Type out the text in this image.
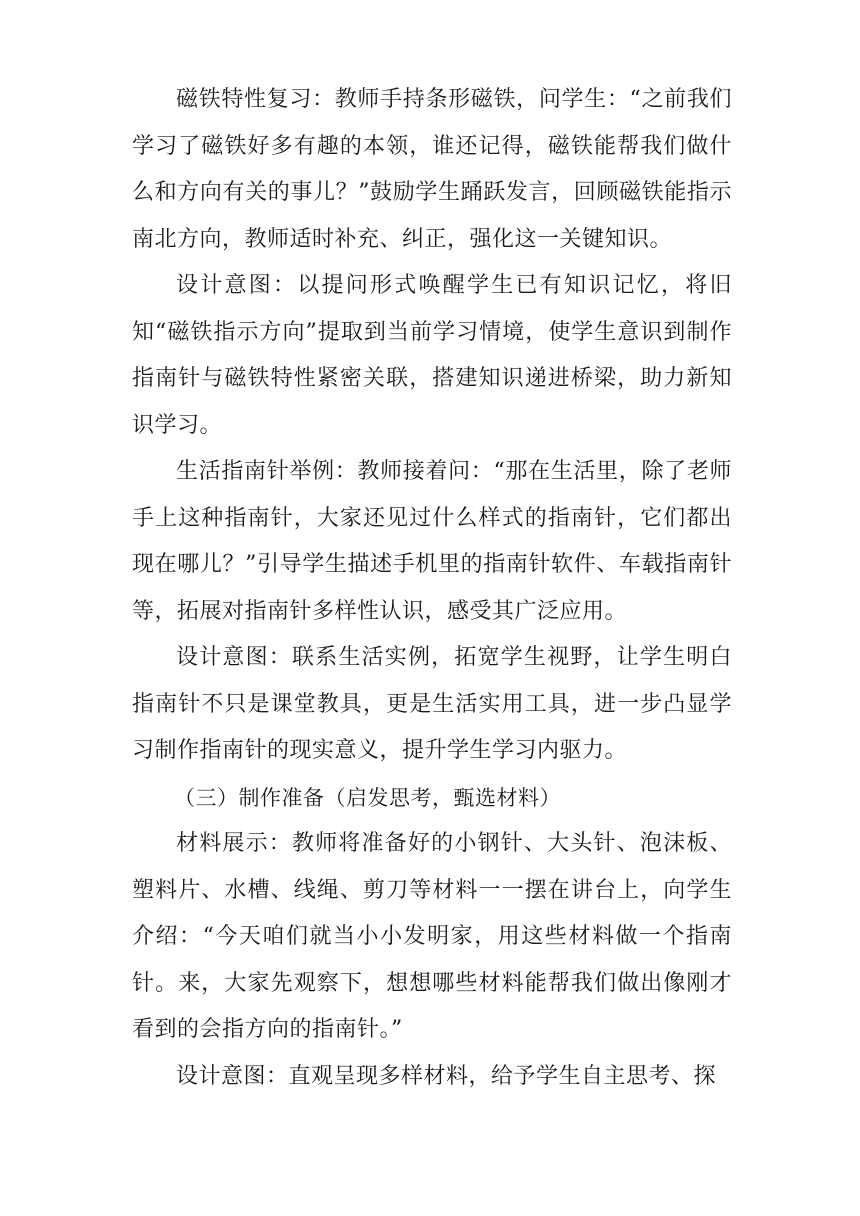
磁铁特性复习：教师手持条形磁铁，问学生：“之前我们学习了磁铁好多有趣的本领，谁还记得，磁铁能帮我们做什么和方向有关的事儿？”鼓励学生踊跃发言，回顾磁铁能指示南北方向，教师适时补充、纠正，强化这一关键知识。

设计意图：以提问形式唤醒学生已有知识记忆，将旧知“磁铁指示方向”提取到当前学习情境，使学生意识到制作指南针与磁铁特性紧密关联，搭建知识递进桥梁，助力新知识学习。

生活指南针举例：教师接着问：“那在生活里，除了老师手上这种指南针，大家还见过什么样式的指南针，它们都出现在哪儿？”引导学生描述手机里的指南针软件、车载指南针等，拓展对指南针多样性认识，感受其广泛应用。

设计意图：联系生活实例，拓宽学生视野，让学生明白指南针不只是课堂教具，更是生活实用工具，进一步凸显学习制作指南针的现实意义，提升学生学习内驱力。

（三）制作准备（启发思考，甄选材料）

材料展示：教师将准备好的小钢针、大头针、泡沫板、塑料片、水槽、线绳、剪刀等材料一一摆在讲台上，向学生介绍：“今天咱们就当小小发明家，用这些材料做一个指南针。来，大家先观察下，想想哪些材料能帮我们做出像刚才看到的会指方向的指南针。”

设计意图：直观呈现多样材料，给予学生自主思考、探
